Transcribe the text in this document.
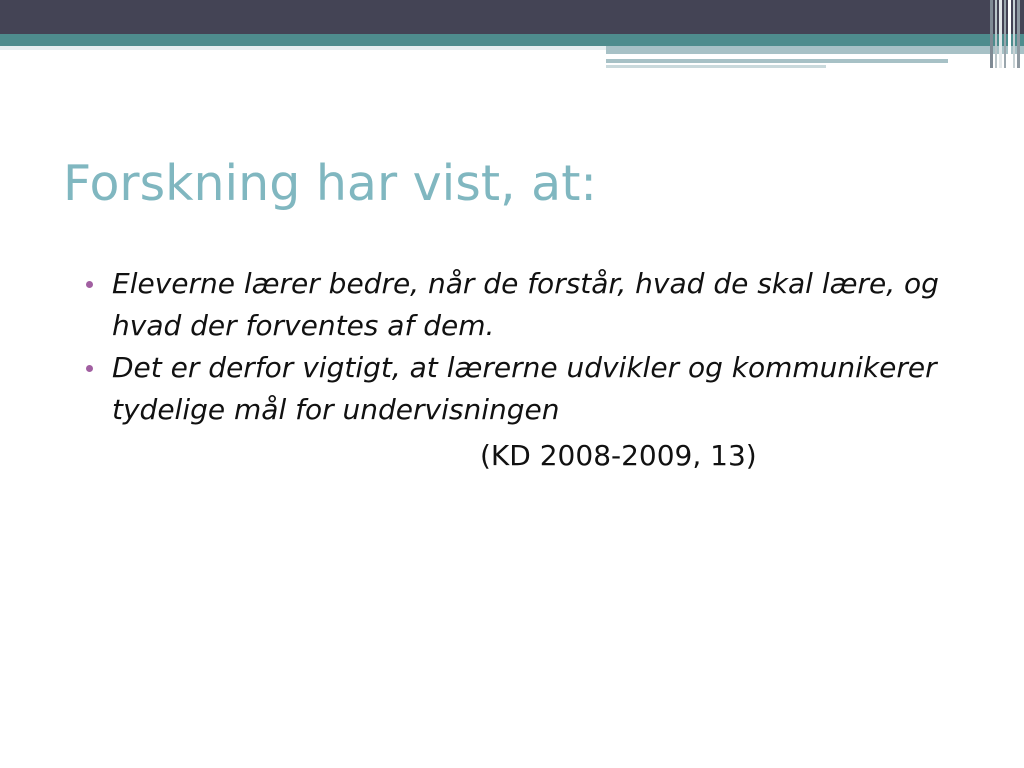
Forskning har vist, at:
Eleverne lærer bedre, når de forstår, hvad de skal lære, og hvad der forventes af dem.
Det er derfor vigtigt, at lærerne udvikler og kommunikerer tydelige mål for undervisningen
(KD 2008-2009, 13)
